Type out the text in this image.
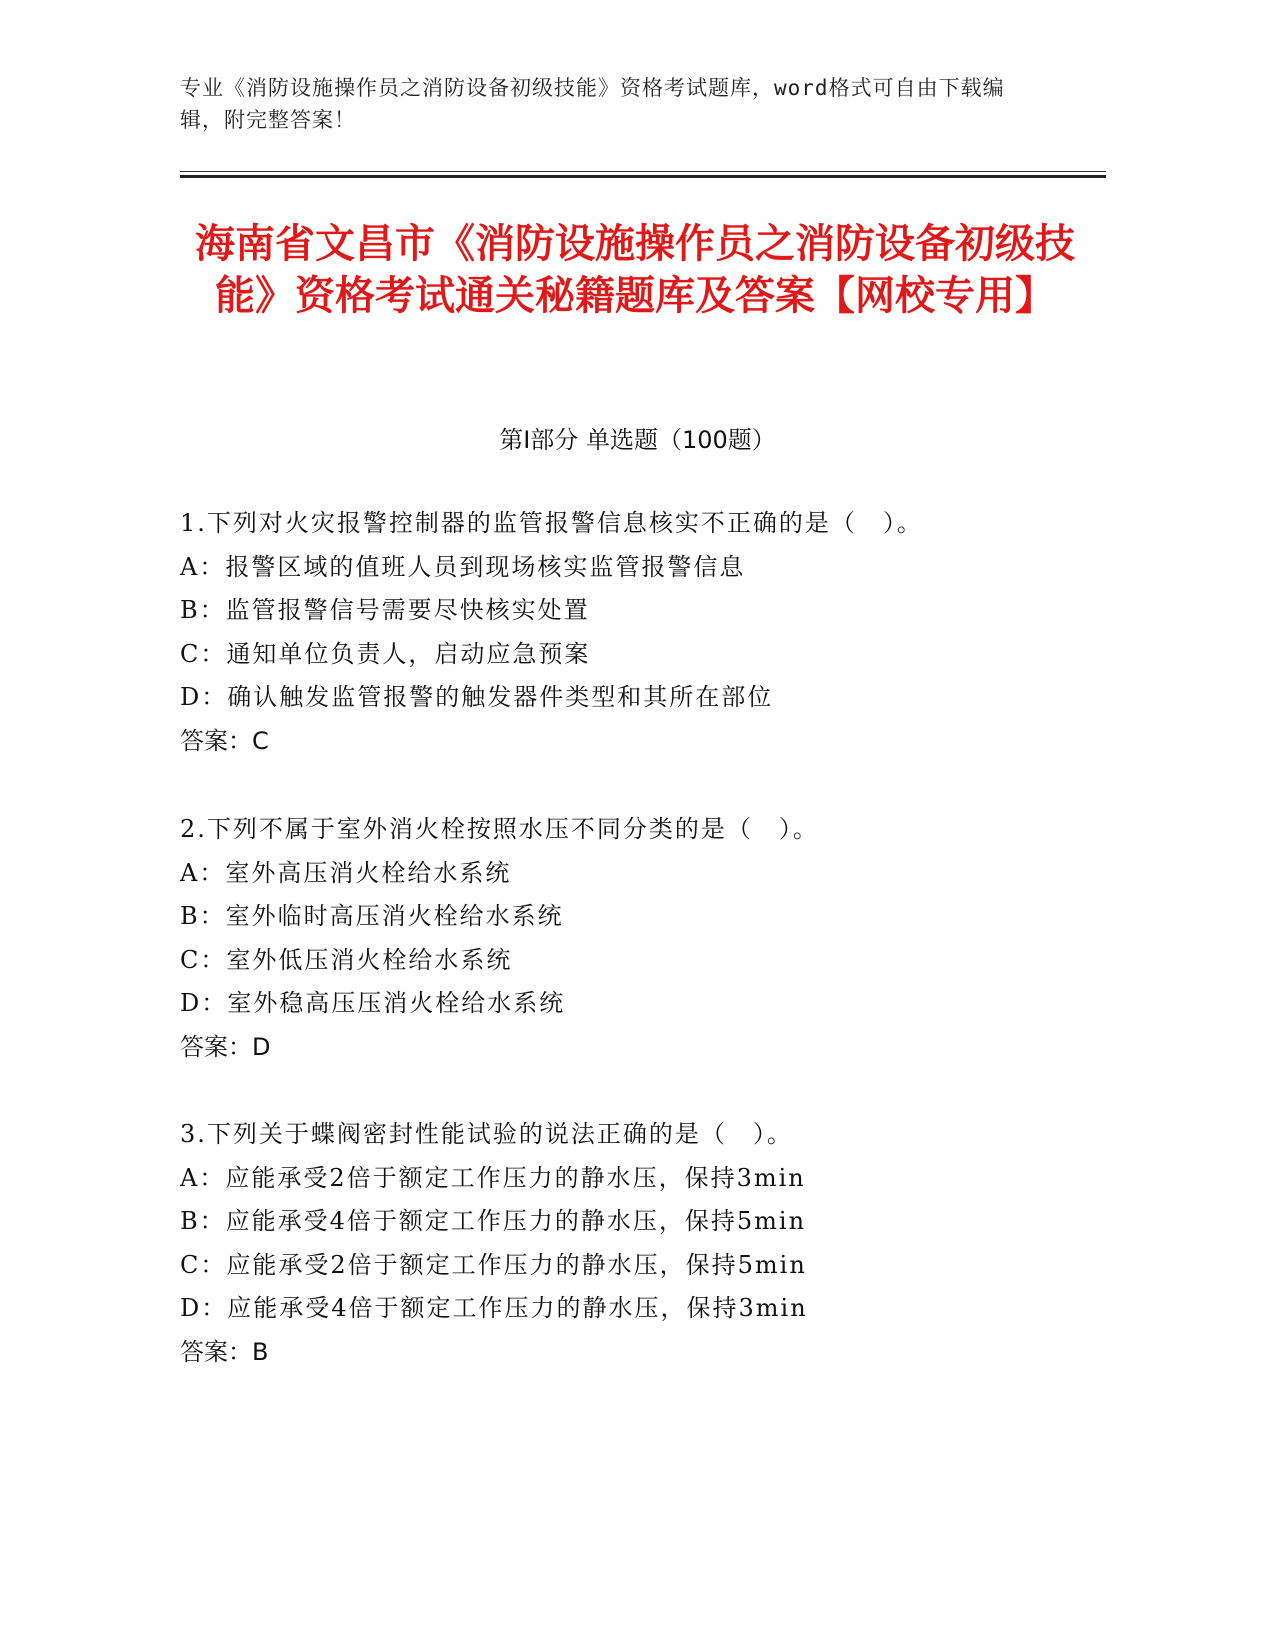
专业《消防设施操作员之消防设备初级技能》资格考试题库，word格式可自由下载编辑，附完整答案！
海南省文昌市《消防设施操作员之消防设备初级技能》资格考试通关秘籍题库及答案【网校专用】
第Ⅰ部分 单选题（100题）
1.下列对火灾报警控制器的监管报警信息核实不正确的是（　）。
A：报警区域的值班人员到现场核实监管报警信息
B：监管报警信号需要尽快核实处置
C：通知单位负责人，启动应急预案
D：确认触发监管报警的触发器件类型和其所在部位
答案：C
2.下列不属于室外消火栓按照水压不同分类的是（　）。
A：室外高压消火栓给水系统
B：室外临时高压消火栓给水系统
C：室外低压消火栓给水系统
D：室外稳高压压消火栓给水系统
答案：D
3.下列关于蝶阀密封性能试验的说法正确的是（　）。
A：应能承受2倍于额定工作压力的静水压，保持3min
B：应能承受4倍于额定工作压力的静水压，保持5min
C：应能承受2倍于额定工作压力的静水压，保持5min
D：应能承受4倍于额定工作压力的静水压，保持3min
答案：B
